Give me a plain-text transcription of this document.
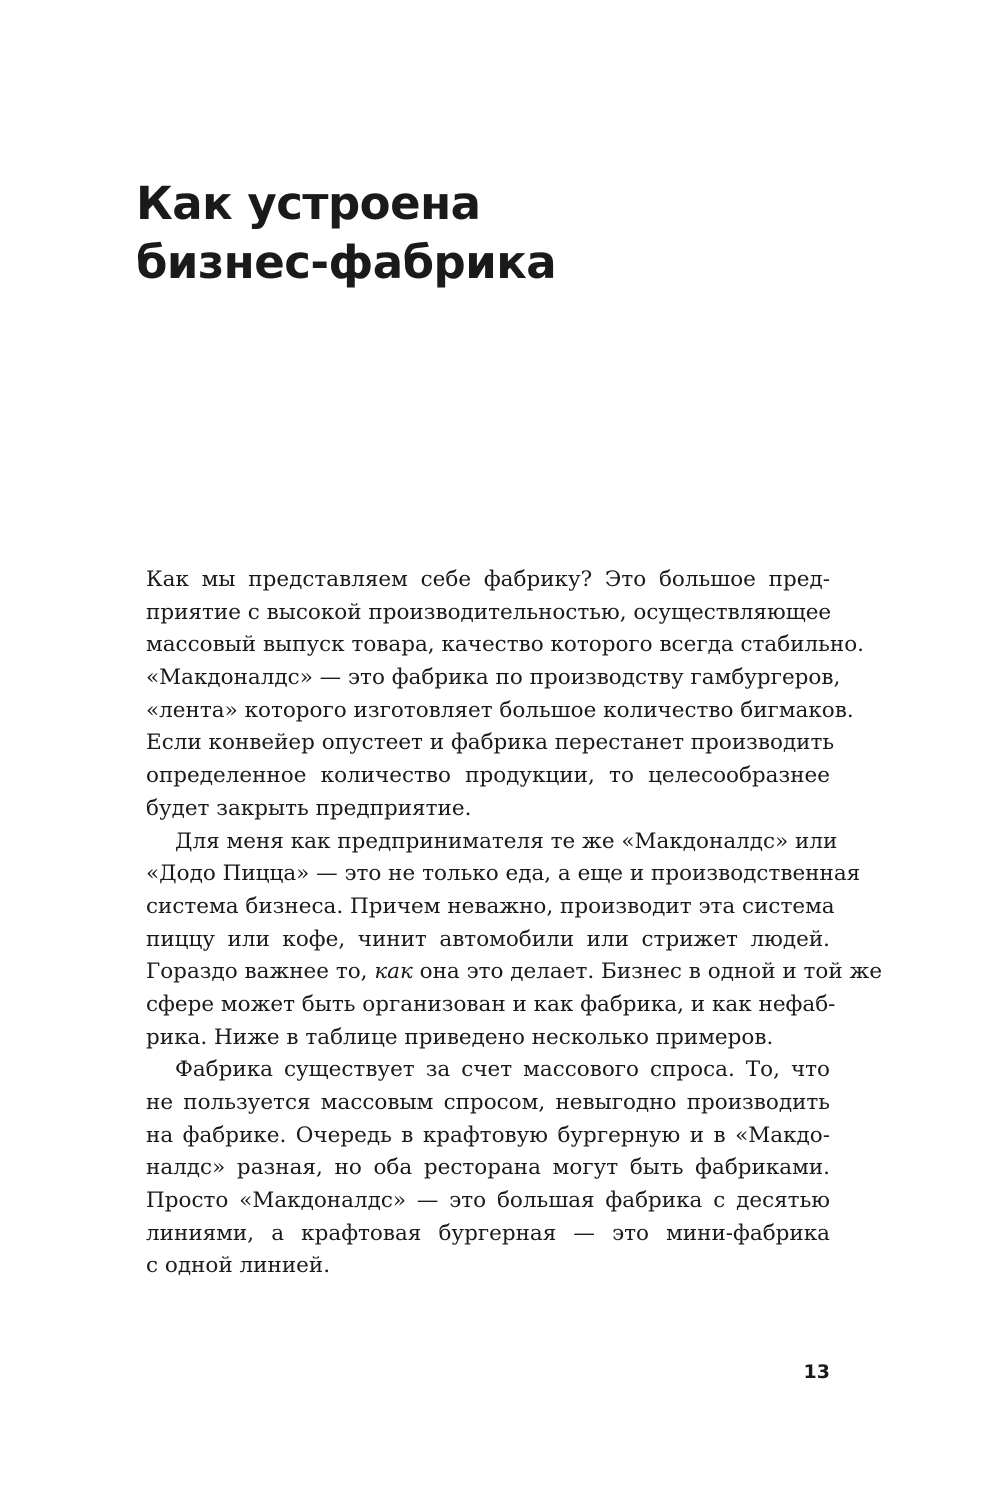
Как устроена
бизнес-фабрика

Как мы представляем себе фабрику? Это большое пред-
приятие с высокой производительностью, осуществляющее
массовый выпуск товара, качество которого всегда стабильно.
«Макдоналдс» — это фабрика по производству гамбургеров,
«лента» которого изготовляет большое количество бигмаков.
Если конвейер опустеет и фабрика перестанет производить
определенное количество продукции, то целесообразнее
будет закрыть предприятие.

Для меня как предпринимателя те же «Макдоналдс» или
«Додо Пицца» — это не только еда, а еще и производственная
система бизнеса. Причем неважно, производит эта система
пиццу или кофе, чинит автомобили или стрижет людей.
Гораздо важнее то, как она это делает. Бизнес в одной и той же
сфере может быть организован и как фабрика, и как нефаб-
рика. Ниже в таблице приведено несколько примеров.

Фабрика существует за счет массового спроса. То, что
не пользуется массовым спросом, невыгодно производить
на фабрике. Очередь в крафтовую бургерную и в «Макдо-
налдс» разная, но оба ресторана могут быть фабриками.
Просто «Макдоналдс» — это большая фабрика с десятью
линиями, а крафтовая бургерная — это мини-фабрика
с одной линией.

13
